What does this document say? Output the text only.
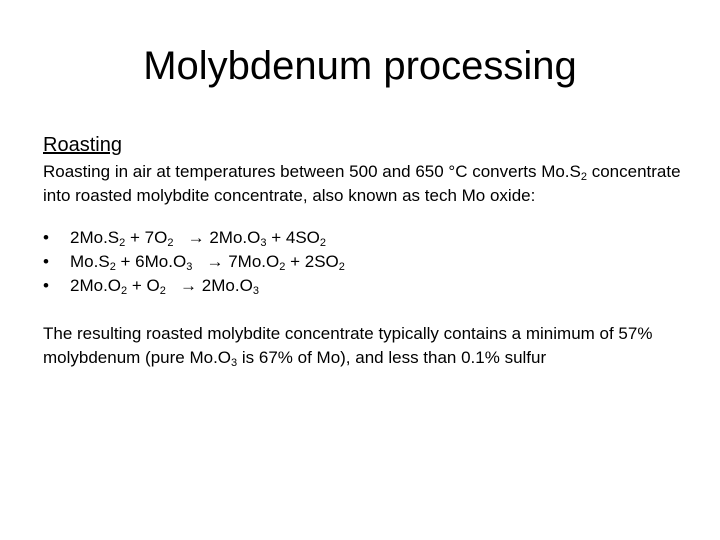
Molybdenum processing
Roasting

Roasting in air at temperatures between 500 and 650 °C converts $Mo.S_2$ concentrate into roasted molybdite concentrate, also known as tech Mo oxide:

•	$2Mo.S_2 + 7O_2 \to 2Mo.O_3 + 4SO_2$
•	$Mo.S_2 + 6Mo.O_3 \to 7Mo.O_2 + 2SO_2$
•	$2Mo.O_2 + O_2 \to 2Mo.O_3$

The resulting roasted molybdite concentrate typically contains a minimum of 57% molybdenum (pure $Mo.O_3$ is 67% of Mo), and less than 0.1% sulfur
